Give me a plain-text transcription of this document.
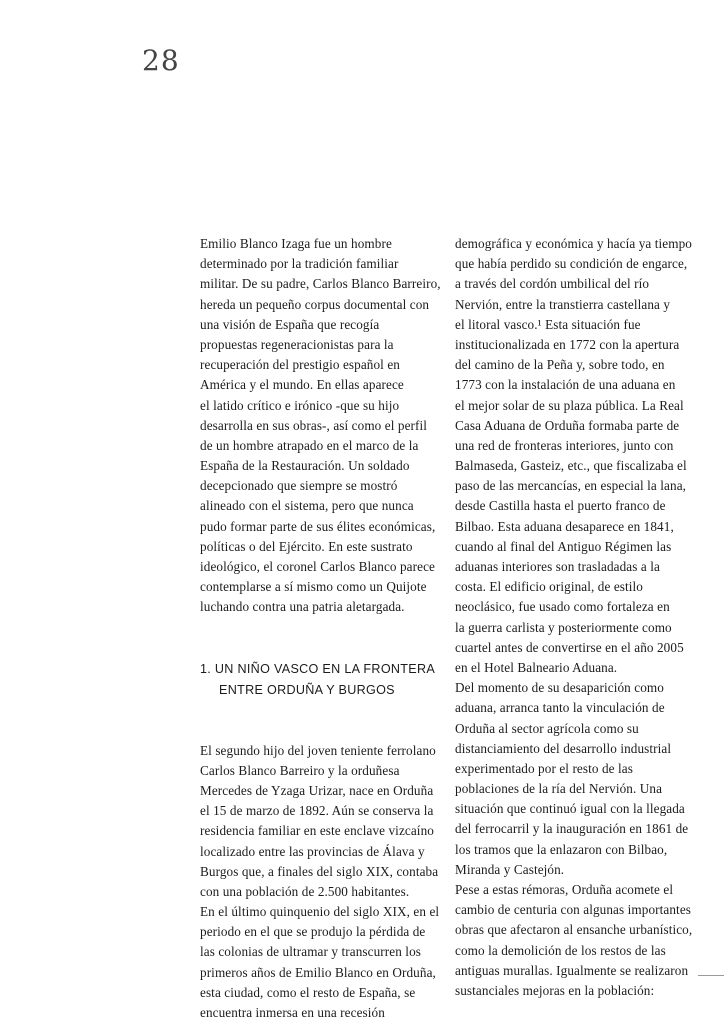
28
Emilio Blanco Izaga fue un hombre
determinado por la tradición familiar
militar. De su padre, Carlos Blanco Barreiro,
hereda un pequeño corpus documental con
una visión de España que recogía
propuestas regeneracionistas para la
recuperación del prestigio español en
América y el mundo. En ellas aparece
el latido crítico e irónico -que su hijo
desarrolla en sus obras-, así como el perfil
de un hombre atrapado en el marco de la
España de la Restauración. Un soldado
decepcionado que siempre se mostró
alineado con el sistema, pero que nunca
pudo formar parte de sus élites económicas,
políticas o del Ejército. En este sustrato
ideológico, el coronel Carlos Blanco parece
contemplarse a sí mismo como un Quijote
luchando contra una patria aletargada.
1. UN NIÑO VASCO EN LA FRONTERA
ENTRE ORDUÑA Y BURGOS
El segundo hijo del joven teniente ferrolano
Carlos Blanco Barreiro y la orduñesa
Mercedes de Yzaga Urizar, nace en Orduña
el 15 de marzo de 1892. Aún se conserva la
residencia familiar en este enclave vizcaíno
localizado entre las provincias de Álava y
Burgos que, a finales del siglo XIX, contaba
con una población de 2.500 habitantes.
En el último quinquenio del siglo XIX, en el
periodo en el que se produjo la pérdida de
las colonias de ultramar y transcurren los
primeros años de Emilio Blanco en Orduña,
esta ciudad, como el resto de España, se
encuentra inmersa en una recesión
demográfica y económica y hacía ya tiempo
que había perdido su condición de engarce,
a través del cordón umbilical del río
Nervión, entre la transtierra castellana y
el litoral vasco.¹ Esta situación fue
institucionalizada en 1772 con la apertura
del camino de la Peña y, sobre todo, en
1773 con la instalación de una aduana en
el mejor solar de su plaza pública. La Real
Casa Aduana de Orduña formaba parte de
una red de fronteras interiores, junto con
Balmaseda, Gasteiz, etc., que fiscalizaba el
paso de las mercancías, en especial la lana,
desde Castilla hasta el puerto franco de
Bilbao. Esta aduana desaparece en 1841,
cuando al final del Antiguo Régimen las
aduanas interiores son trasladadas a la
costa. El edificio original, de estilo
neoclásico, fue usado como fortaleza en
la guerra carlista y posteriormente como
cuartel antes de convertirse en el año 2005
en el Hotel Balneario Aduana.
Del momento de su desaparición como
aduana, arranca tanto la vinculación de
Orduña al sector agrícola como su
distanciamiento del desarrollo industrial
experimentado por el resto de las
poblaciones de la ría del Nervión. Una
situación que continuó igual con la llegada
del ferrocarril y la inauguración en 1861 de
los tramos que la enlazaron con Bilbao,
Miranda y Castejón.
Pese a estas rémoras, Orduña acomete el
cambio de centuria con algunas importantes
obras que afectaron al ensanche urbanístico,
como la demolición de los restos de las
antiguas murallas. Igualmente se realizaron
sustanciales mejoras en la población:
